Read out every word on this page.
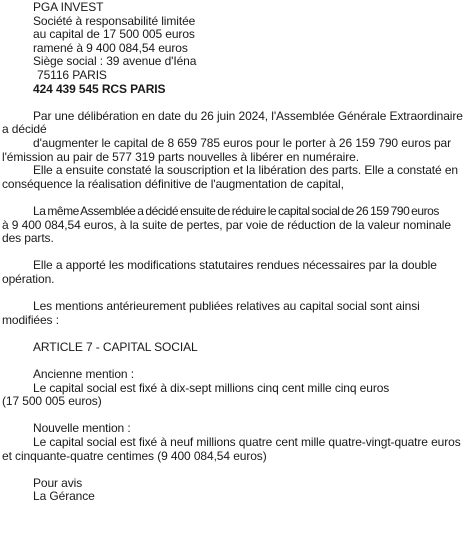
PGA INVEST
Société à responsabilité limitée
au capital de 17 500 005 euros
ramené à 9 400 084,54 euros
Siège social : 39 avenue d'Iéna
75116 PARIS
424 439 545 RCS PARIS
Par une délibération en date du 26 juin 2024, l'Assemblée Générale Extraordinaire
a décidé
d'augmenter le capital de 8 659 785 euros pour le porter à 26 159 790 euros par
l'émission au pair de 577 319 parts nouvelles à libérer en numéraire.
Elle a ensuite constaté la souscription et la libération des parts. Elle a constaté en
conséquence la réalisation définitive de l'augmentation de capital,
La même Assemblée a décidé ensuite de réduire le capital social de 26 159 790 euros
à 9 400 084,54 euros, à la suite de pertes, par voie de réduction de la valeur nominale
des parts.
Elle a apporté les modifications statutaires rendues nécessaires par la double
opération.
Les mentions antérieurement publiées relatives au capital social sont ainsi
modifiées :
ARTICLE 7 - CAPITAL SOCIAL
Ancienne mention :
Le capital social est fixé à dix-sept millions cinq cent mille cinq euros
(17 500 005 euros)
Nouvelle mention :
Le capital social est fixé à neuf millions quatre cent mille quatre-vingt-quatre euros
et cinquante-quatre centimes (9 400 084,54 euros)
Pour avis
La Gérance
